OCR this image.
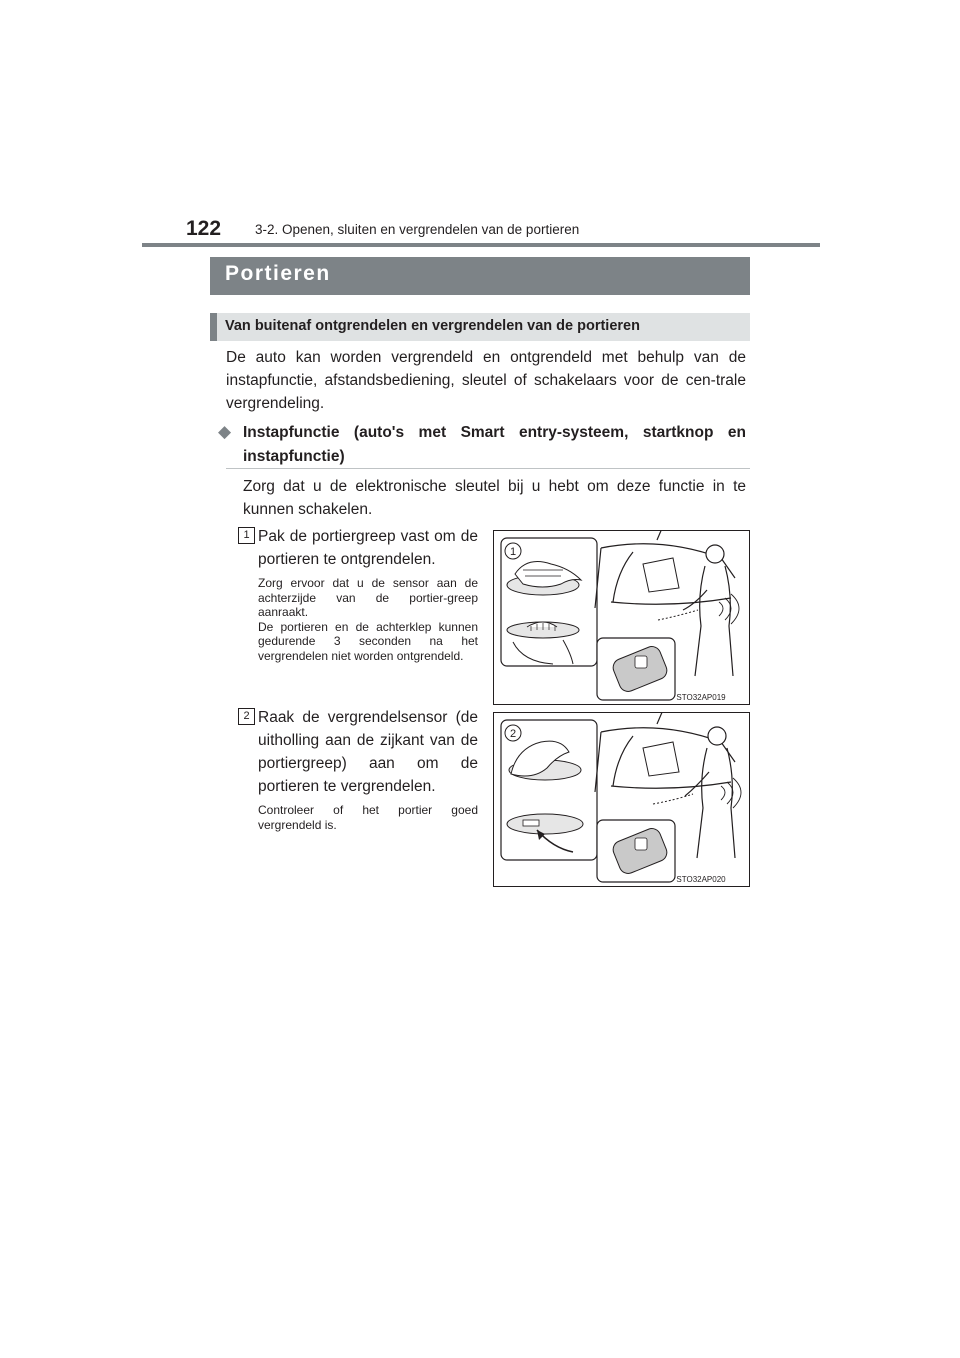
122	3-2. Openen, sluiten en vergrendelen van de portieren
Portieren
Van buitenaf ontgrendelen en vergrendelen van de portieren
De auto kan worden vergrendeld en ontgrendeld met behulp van de instapfunctie, afstandsbediening, sleutel of schakelaars voor de cen-trale vergrendeling.
◆ Instapfunctie (auto's met Smart entry-systeem, startknop en instapfunctie)
Zorg dat u de elektronische sleutel bij u hebt om deze functie in te kunnen schakelen.
1 Pak de portiergreep vast om de portieren te ontgrendelen.
Zorg ervoor dat u de sensor aan de achterzijde van de portier-greep aanraakt.
De portieren en de achterklep kunnen gedurende 3 seconden na het vergrendelen niet worden ontgrendeld.
1
STO32AP019
2 Raak de vergrendelsensor (de uitholling aan de zijkant van de portiergreep) aan om de portieren te vergrendelen.
Controleer of het portier goed vergrendeld is.
2
STO32AP020
